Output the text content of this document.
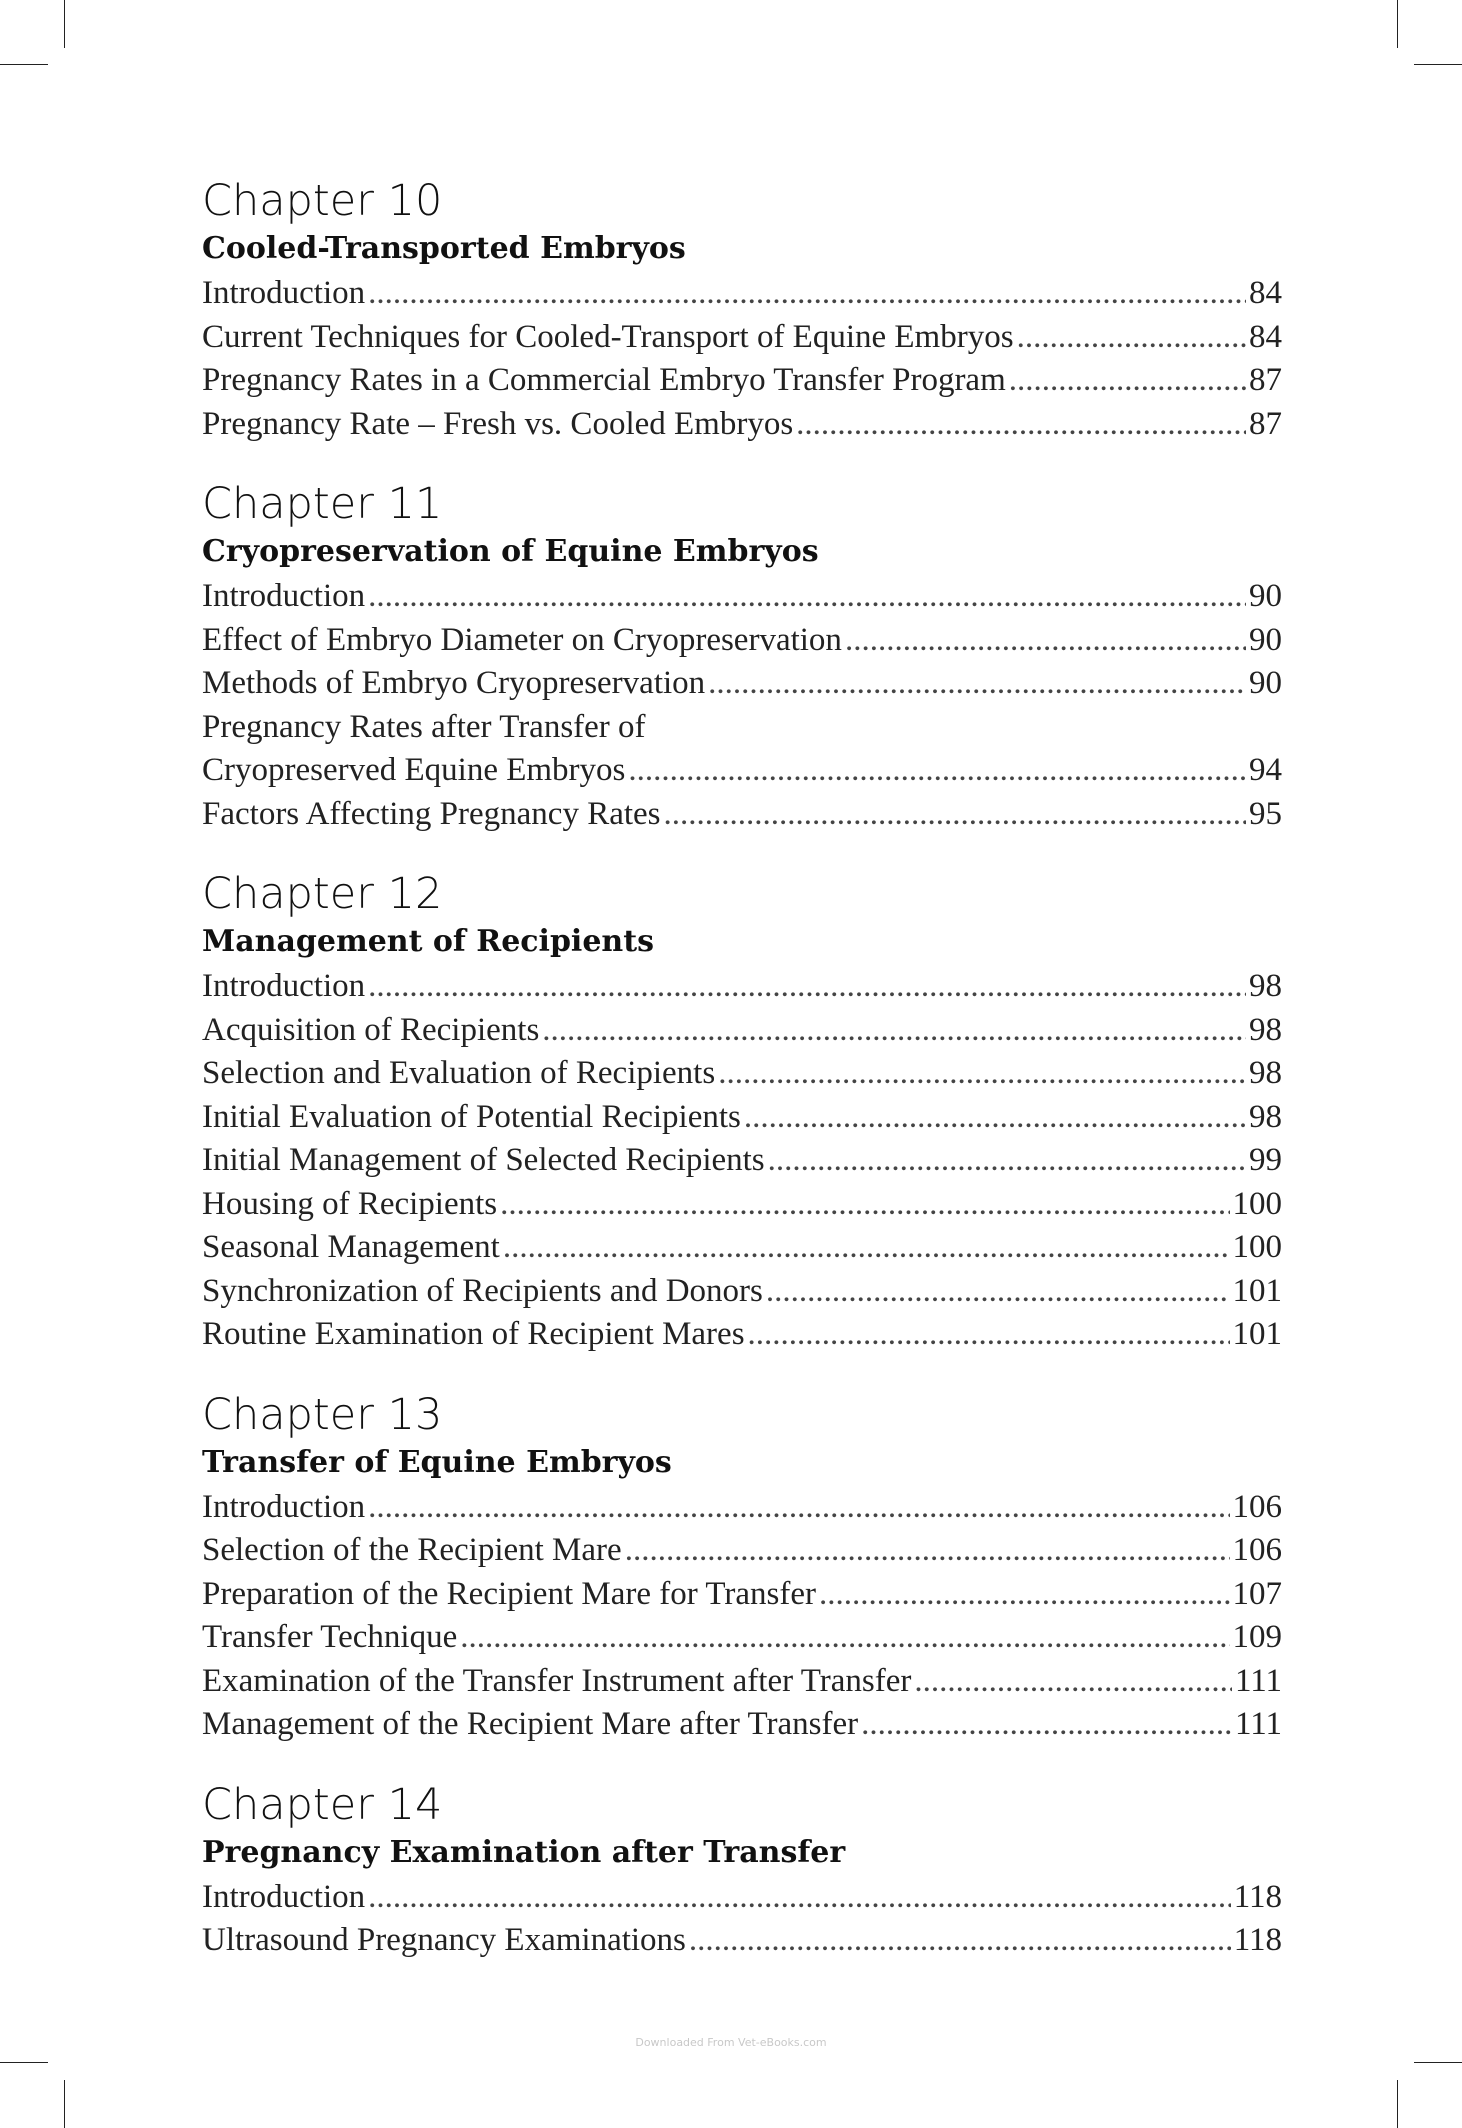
Chapter 10
Cooled-Transported Embryos
Introduction .....	84
Current Techniques for Cooled-Transport of Equine Embryos .....	84
Pregnancy Rates in a Commercial Embryo Transfer Program .....	87
Pregnancy Rate – Fresh vs. Cooled Embryos .....	87
Chapter 11
Cryopreservation of Equine Embryos
Introduction .....	90
Effect of Embryo Diameter on Cryopreservation .....	90
Methods of Embryo Cryopreservation .....	90
Pregnancy Rates after Transfer of
Cryopreserved Equine Embryos .....	94
Factors Affecting Pregnancy Rates .....	95
Chapter 12
Management of Recipients
Introduction .....	98
Acquisition of Recipients .....	98
Selection and Evaluation of Recipients .....	98
Initial Evaluation of Potential Recipients .....	98
Initial Management of Selected Recipients .....	99
Housing of Recipients .....	100
Seasonal Management .....	100
Synchronization of Recipients and Donors .....	101
Routine Examination of Recipient Mares .....	101
Chapter 13
Transfer of Equine Embryos
Introduction .....	106
Selection of the Recipient Mare .....	106
Preparation of the Recipient Mare for Transfer .....	107
Transfer Technique .....	109
Examination of the Transfer Instrument after Transfer .....	111
Management of the Recipient Mare after Transfer .....	111
Chapter 14
Pregnancy Examination after Transfer
Introduction .....	118
Ultrasound Pregnancy Examinations .....	118
Downloaded From Vet-eBooks.com
